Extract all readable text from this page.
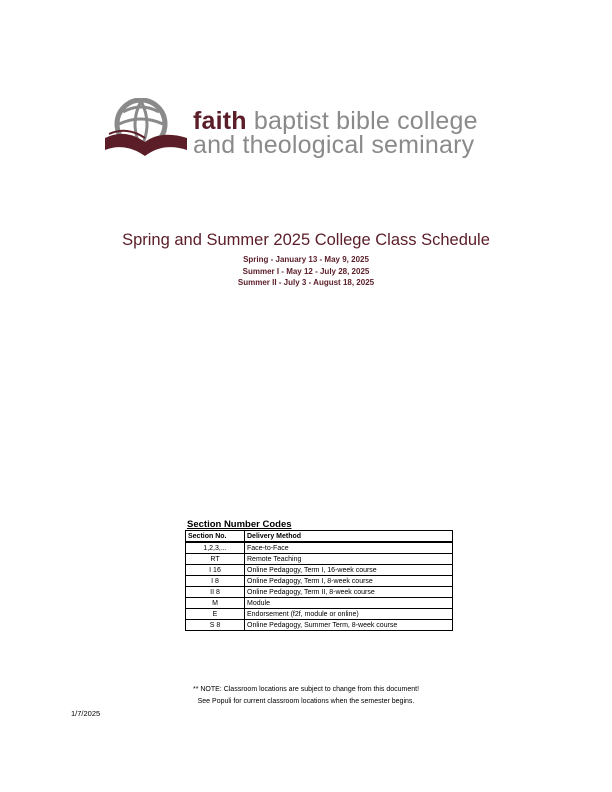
faith baptist bible college
and theological seminary
Spring and Summer 2025 College Class Schedule
Spring - January 13 - May 9, 2025
Summer I - May 12 - July 28, 2025
Summer II - July 3 - August 18, 2025
Section Number Codes
Section No.	Delivery Method
1,2,3,...	Face-to-Face
RT	Remote Teaching
I 16	Online Pedagogy, Term I, 16-week course
I 8	Online Pedagogy, Term I, 8-week course
II 8	Online Pedagogy, Term II, 8-week course
M	Module
E	Endorsement (f2f, module or online)
S 8	Online Pedagogy, Summer Term, 8-week course
** NOTE: Classroom locations are subject to change from this document!
See Populi for current classroom locations when the semester begins.
1/7/2025
